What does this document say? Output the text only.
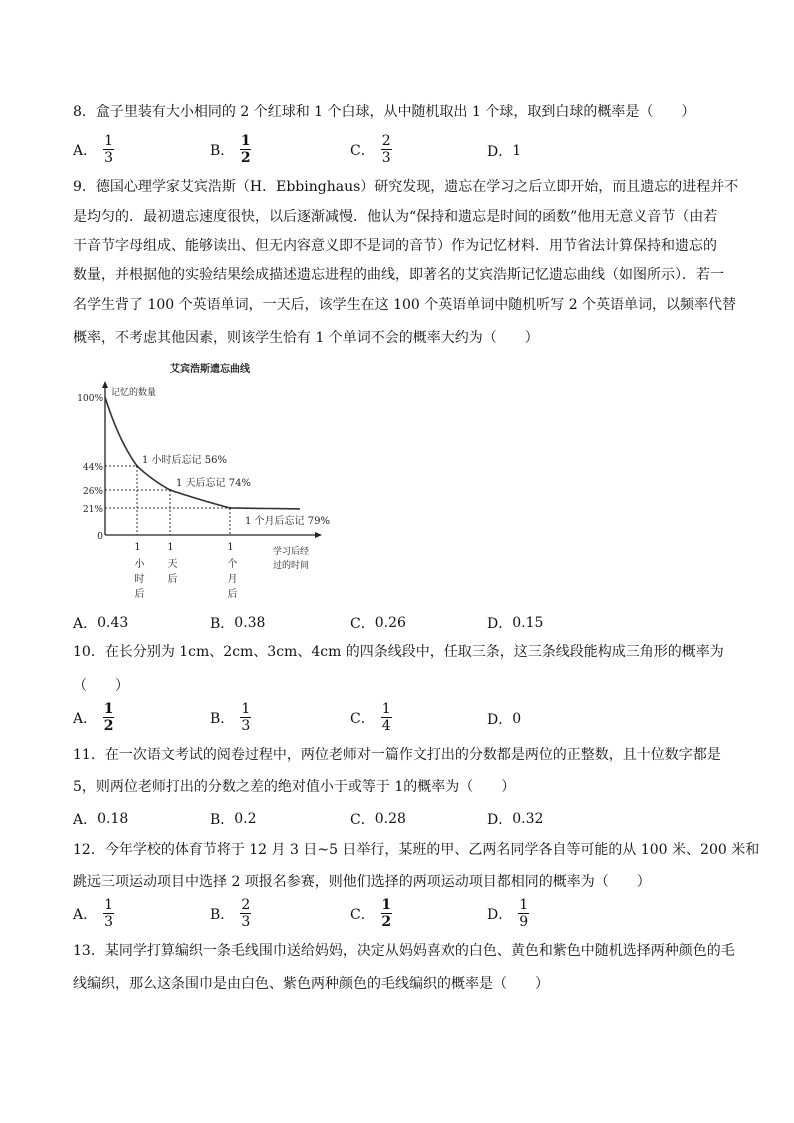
8．盒子里装有大小相同的 2 个红球和 1 个白球，从中随机取出 1 个球，取到白球的概率是（　　）
A． $\frac{1}{3}$	B． $\frac{1}{2}$	C． $\frac{2}{3}$	D． 1
9．德国心理学家艾宾浩斯（H．Ebbinghaus）研究发现，遗忘在学习之后立即开始，而且遗忘的进程并不
是均匀的．最初遗忘速度很快，以后逐渐减慢．他认为“保持和遗忘是时间的函数”他用无意义音节（由若
干音节字母组成、能够读出、但无内容意义即不是词的音节）作为记忆材料．用节省法计算保持和遗忘的
数量，并根据他的实验结果绘成描述遗忘进程的曲线，即著名的艾宾浩斯记忆遗忘曲线（如图所示）．若一
名学生背了 100 个英语单词，一天后，该学生在这 100 个英语单词中随机听写 2 个英语单词，以频率代替
概率，不考虑其他因素，则该学生恰有 1 个单词不会的概率大约为（　　）
A． 0.43	B． 0.38	C． 0.26	D． 0.15
10．在长分别为 1cm、2cm、3cm、4cm 的四条线段中，任取三条，这三条线段能构成三角形的概率为
（　　）
A． $\frac{1}{2}$	B． $\frac{1}{3}$	C． $\frac{1}{4}$	D． 0
11．在一次语文考试的阅卷过程中，两位老师对一篇作文打出的分数都是两位的正整数，且十位数字都是
5，则两位老师打出的分数之差的绝对值小于或等于 1的概率为（　　）
A． 0.18	B． 0.2	C． 0.28	D． 0.32
12．今年学校的体育节将于 12 月 3 日~5 日举行，某班的甲、乙两名同学各自等可能的从 100 米、200 米和
跳远三项运动项目中选择 2 项报名参赛，则他们选择的两项运动项目都相同的概率为（　　）
A． $\frac{1}{3}$	B． $\frac{2}{3}$	C． $\frac{1}{2}$	D． $\frac{1}{9}$
13．某同学打算编织一条毛线围巾送给妈妈，决定从妈妈喜欢的白色、黄色和紫色中随机选择两种颜色的毛
线编织，那么这条围巾是由白色、紫色两种颜色的毛线编织的概率是（　　）
艾宾浩斯遗忘曲线
记忆的数量
100%
44%
26%
21%
0
1 小时后忘记 56%
1 天后忘记 74%
1 个月后忘记 79%
学习后经
过的时间
1小时后 1天后	1个月后
